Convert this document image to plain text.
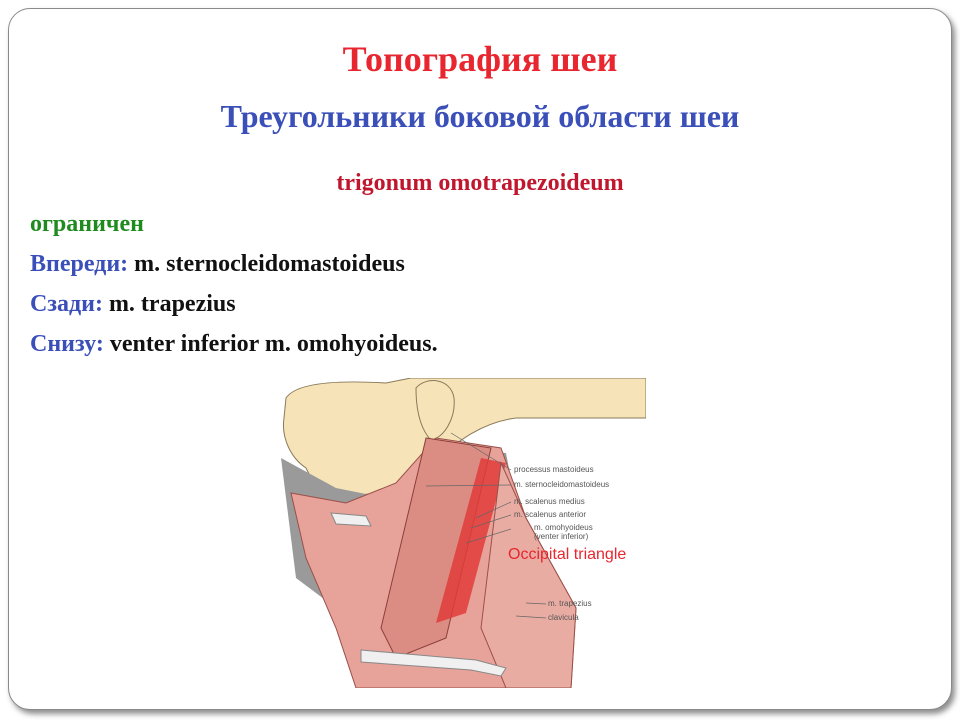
Топография шеи
Треугольники боковой области шеи
trigonum omotrapezoideum
ограничен
Впереди: m. sternocleidomastoideus
Сзади: m. trapezius
Снизу: venter inferior m. omohyoideus.
processus mastoideus
m. sternocleidomastoideus
m. scalenus medius
m. scalenus anterior
m. omohyoideus
(venter inferior)
Occipital triangle
m. trapezius
clavicula
